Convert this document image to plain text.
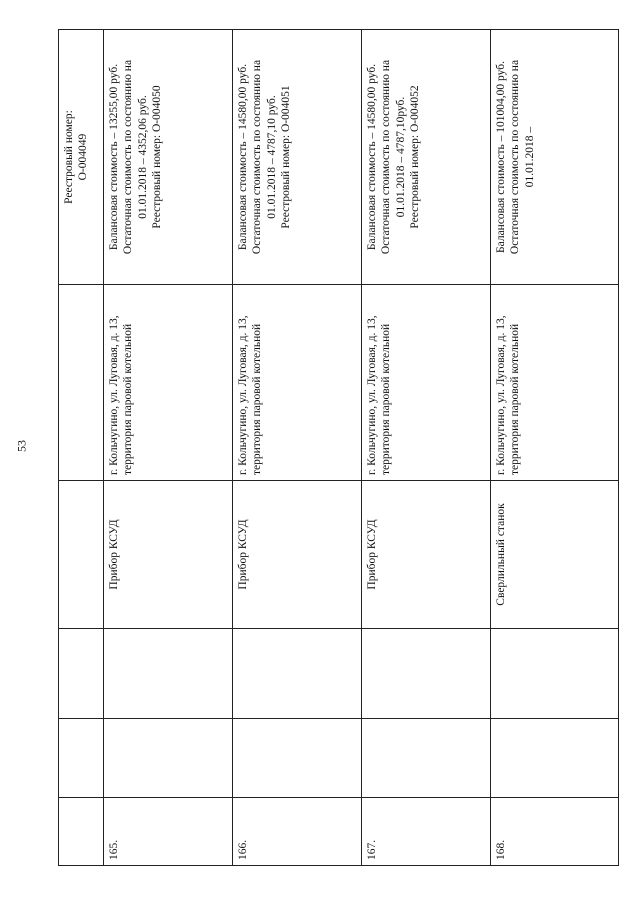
53

					Реестровый номер: О-004049

165.			Прибор КСУД	г. Кольчугино, ул. Луговая, д. 13, территория паровой котельной	Балансовая стоимость – 13255,00 руб. Остаточная стоимость по состоянию на 01.01.2018 – 4352,06 руб. Реестровый номер: О-004050

166.			Прибор КСУД	г. Кольчугино, ул. Луговая, д. 13, территория паровой котельной	Балансовая стоимость – 14580,00 руб. Остаточная стоимость по состоянию на 01.01.2018 – 4787,10 руб. Реестровый номер: О-004051

167.			Прибор КСУД	г. Кольчугино, ул. Луговая, д. 13, территория паровой котельной	Балансовая стоимость – 14580,00 руб. Остаточная стоимость по состоянию на 01.01.2018 – 4787,10руб. Реестровый номер: О-004052

168.			Сверлильный станок	г. Кольчугино, ул. Луговая, д. 13, территория паровой котельной	Балансовая стоимость – 101004,00 руб. Остаточная стоимость по состоянию на 01.01.2018 –
